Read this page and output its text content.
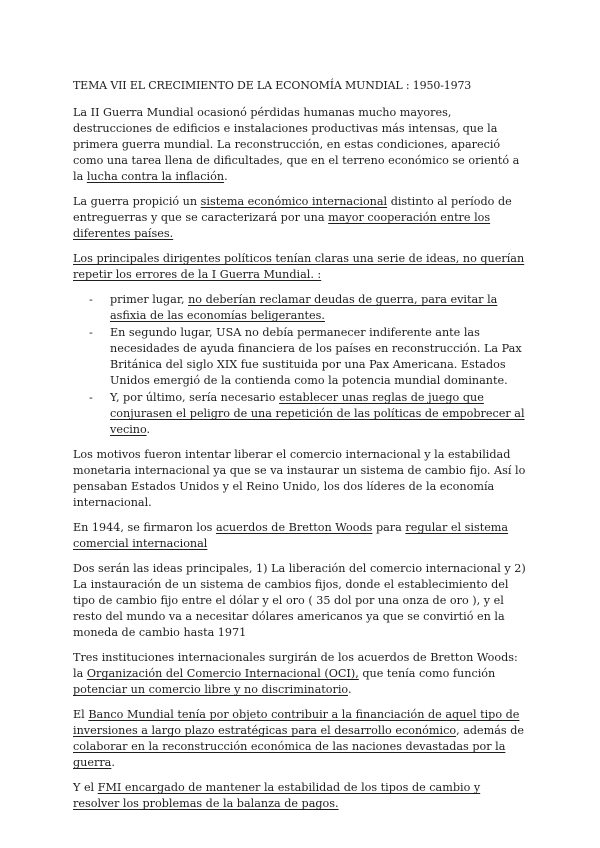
TEMA VII EL CRECIMIENTO DE LA ECONOMÍA MUNDIAL : 1950-1973

La II Guerra Mundial ocasionó pérdidas humanas mucho mayores, destrucciones de edificios e instalaciones productivas más intensas, que la primera guerra mundial. La reconstrucción, en estas condiciones, apareció como una tarea llena de dificultades, que en el terreno económico se orientó a la lucha contra la inflación.

La guerra propició un sistema económico internacional distinto al período de entreguerras y que se caracterizará por una mayor cooperación entre los diferentes países.

Los principales dirigentes políticos tenían claras una serie de ideas, no querían repetir los errores de la I Guerra Mundial. :

- primer lugar, no deberían reclamar deudas de guerra, para evitar la asfixia de las economías beligerantes.
- En segundo lugar, USA no debía permanecer indiferente ante las necesidades de ayuda financiera de los países en reconstrucción. La Pax Británica del siglo XIX fue sustituida por una Pax Americana. Estados Unidos emergió de la contienda como la potencia mundial dominante.
- Y, por último, sería necesario establecer unas reglas de juego que conjurasen el peligro de una repetición de las políticas de empobrecer al vecino.

Los motivos fueron intentar liberar el comercio internacional y la estabilidad monetaria internacional ya que se va instaurar un sistema de cambio fijo. Así lo pensaban Estados Unidos y el Reino Unido, los dos líderes de la economía internacional.

En 1944, se firmaron los acuerdos de Bretton Woods para regular el sistema comercial internacional

Dos serán las ideas principales, 1) La liberación del comercio internacional y 2) La instauración de un sistema de cambios fijos, donde el establecimiento del tipo de cambio fijo entre el dólar y el oro ( 35 dol por una onza de oro ), y el resto del mundo va a necesitar dólares americanos ya que se convirtió en la moneda de cambio hasta 1971

Tres instituciones internacionales surgirán de los acuerdos de Bretton Woods: la Organización del Comercio Internacional (OCI), que tenía como función potenciar un comercio libre y no discriminatorio.

El Banco Mundial tenía por objeto contribuir a la financiación de aquel tipo de inversiones a largo plazo estratégicas para el desarrollo económico, además de colaborar en la reconstrucción económica de las naciones devastadas por la guerra.

Y el FMI encargado de mantener la estabilidad de los tipos de cambio y resolver los problemas de la balanza de pagos.
